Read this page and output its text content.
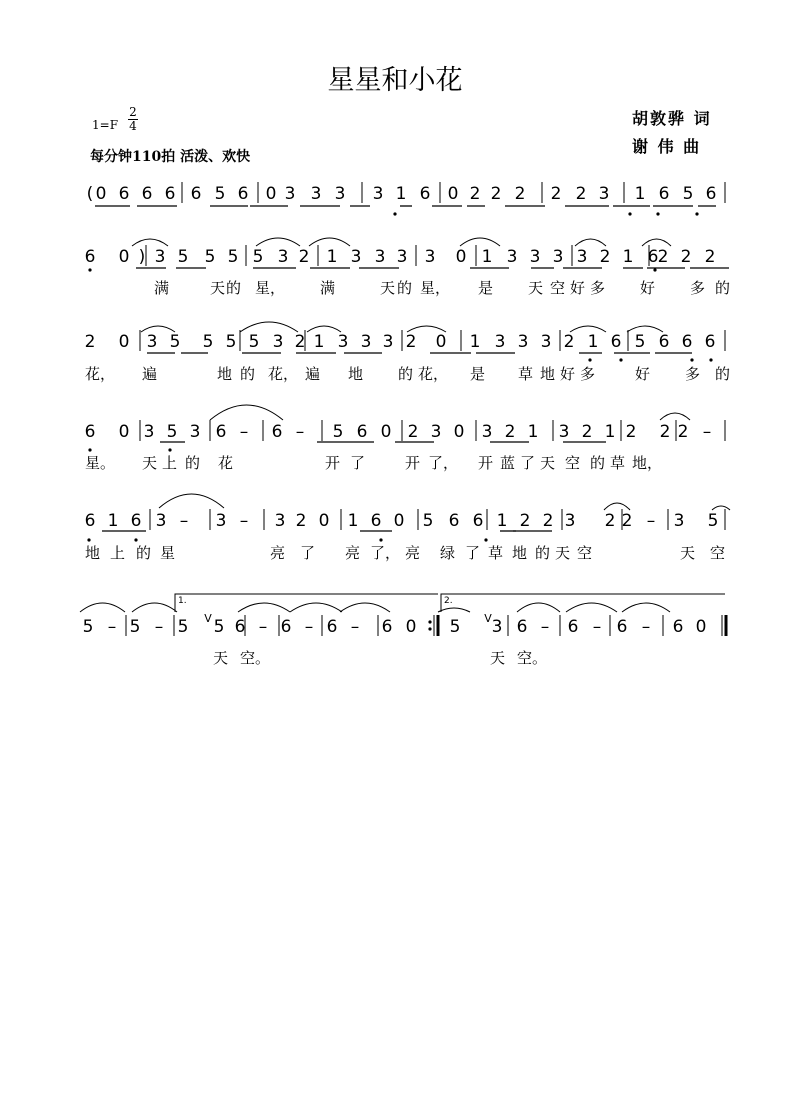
星星和小花
1=F
2
4
每分钟110拍 活泼、欢快
胡敦骅 词
谢 伟 曲
( 0 6 6 6 6 5 6 0 3 3 3 3 1 6 0 2 2 2 2 2 3 1 6 5 6
6 0 ) 3 5 5 5 5 3 2 1 3 3 3 3 0 1 3 3 3 3 2 1 6 2 2 2
满	天 的 星， 满	天 的 星， 是 天 空 好 多 好 多 的
2 0 3 5 5 5 5 3 2 1 3 3 3 2 0 1 3 3 3 2 1 6 5 6 6 6
花， 遍	地 的 花， 遍 地 的 花， 是 草 地 好 多	好 多 的
6 0 3 5 3 6 – 6 – 5 6 0 2 3 0 3 2 1 3 2 1 2 2 2 –
星。 天 上 的 花	开 了	开 了， 开 蓝 了 天 空 的 草 地，
6 1 6 3 – 3 – 3 2 0 1 6 0 5 6 6 1 2 2 3 2 2 – 3 5
地 上 的 星	亮 了 亮 了， 亮 绿 了 草 地 的 天 空	天 空
5 – 5 – 5 V 5 6 – 6 – 6 – 6 0 5 V 3 6 – 6 – 6 – 6 0
天 空。	天 空。
1.	2.
